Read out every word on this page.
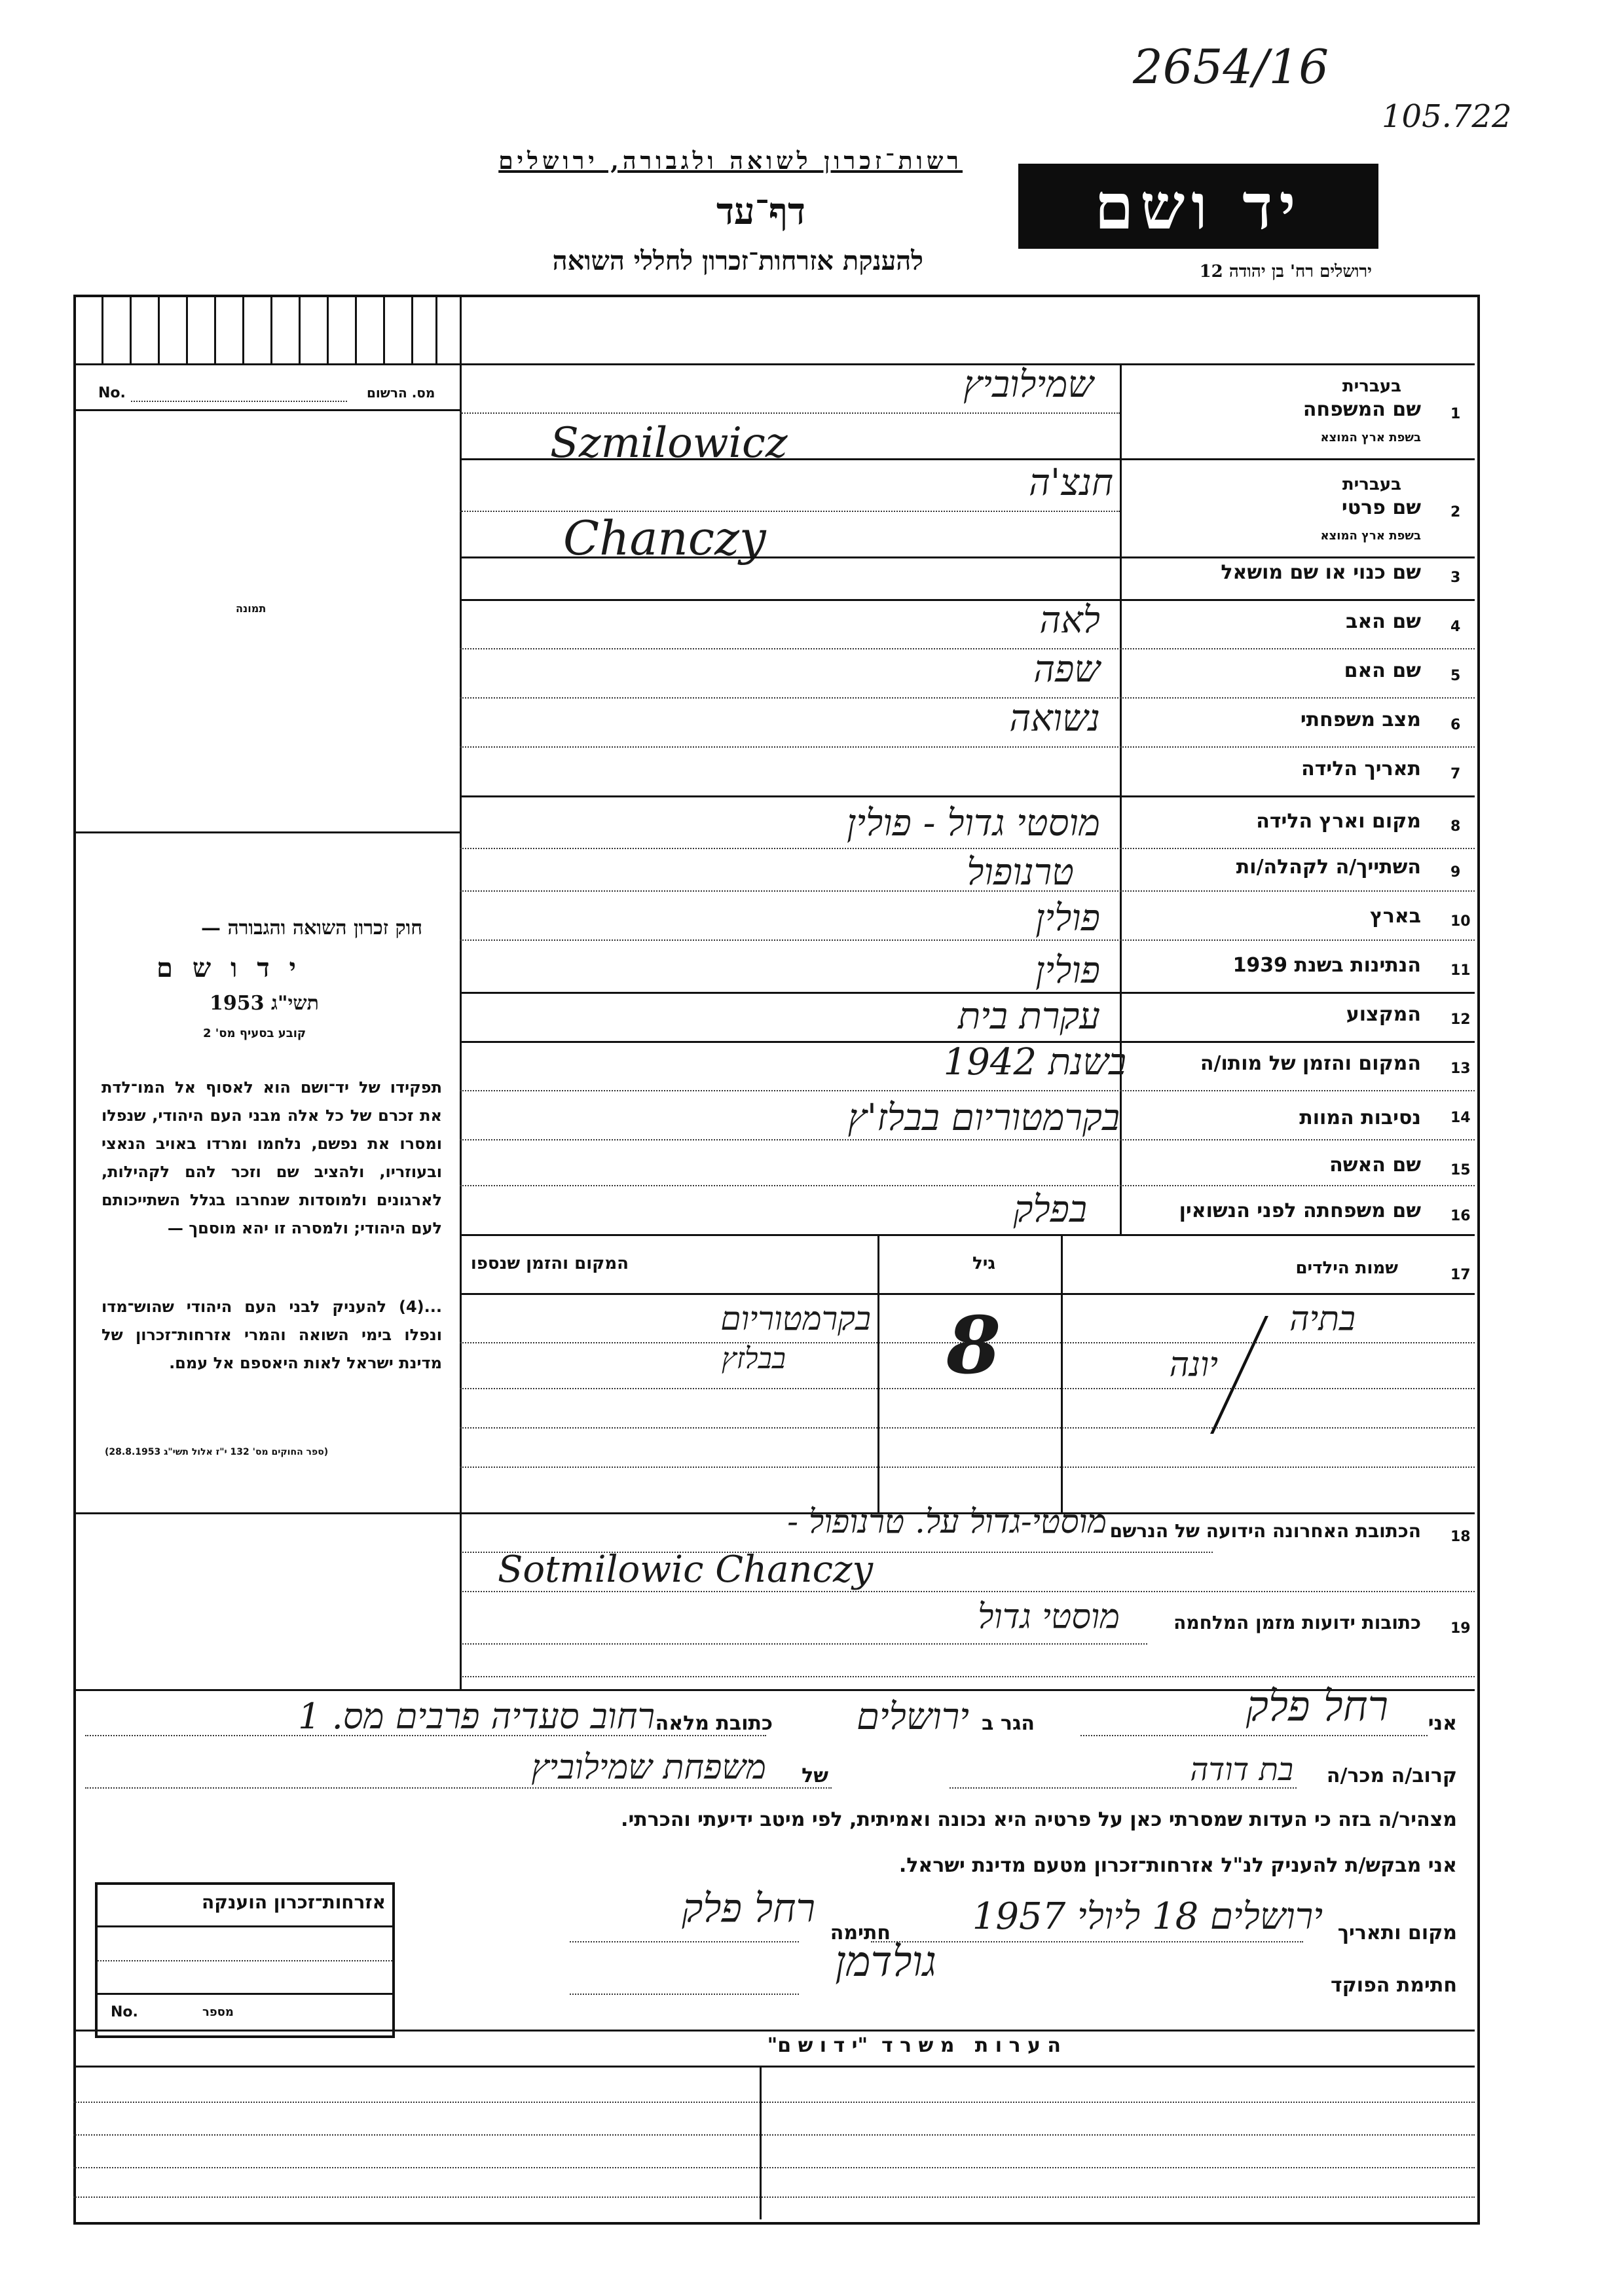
2654/16
105.722
רשות־זכרון לשואה ולגבורה, ירושלים
דף־עד
להענקת אזרחות־זכרון לחללי השואה
יד ושם
ירושלים רח' בן יהודה 12
No.	מס. הרשום
תמונה
חוק זכרון השואה והגבורה —
י ד ו ש ם
תשי"ג 1953
קובע בסעיף מס' 2
תפקידו של יד־ושם הוא לאסוף אל המו־לדת את זכרם של כל אלה מבני העם היהודי, שנפלו ומסרו את נפשם, נלחמו ומרדו באויב הנאצי ובעוזריו, ולהציב שם וזכר להם לקהילות, לארגונים ולמוסדות שנחרבו בגלל השתייכותם לעם היהודי; ולמסרה זו יהא מוסםך —
...(4) להעניק לבני העם היהודי שהוש־מדו ונפלו בימי השואה והמרי אזרחות־זכרון של מדינת ישראל לאות היאספם אל עמם.
(ספר החוקים מס' 132 י"ז אלול תשי"ג 28.8.1953)
1
שם המשפחה
בעברית
בשפת ארץ המוצא
שמילוביץ
Szmilowicz
2
שם פרטי
בעברית
בשפת ארץ המוצא
חנצ'ה
Chanczy
3
שם כנוי או שם מושאל
4
שם האב
לאה
5
שם האם
שפה
6
מצב משפחתי
נשואה
7
תאריך הלידה
8
מקום וארץ הלידה
מוסטי גדול - פולין
9
השתייך/ה לקהלה/ות
טרנופול
10
בארץ
פולין
11
הנתינות בשנת 1939
פולין
12
המקצוע
עקרת בית
13
המקום והזמן של מותו/ה
בשנת 1942
14
נסיבות המוות
בקרמטוריום בבלז'ץ
15
שם האשה
16
שם משפחתה לפני הנשואין
בפלק
17
שמות הילדים
גיל
המקום והזמן שנספו
בתיה
יונה
8
בקרמטוריום
בבלזץ
18
הכתובת האחרונה הידועה של הנרשם
מוסטי-גדול על. טרנופול -
Sotmilowic Chanczy
19
כתובות ידועות מזמן המלחמה
מוסטי גדול
אני
רחל פלק
הגר ב
ירושלים
כתובת מלאה
רחוב סעדיה פרבים מס. 1
קרוב/ה מכר/ה
בת דודה
של
משפחת שמילוביץ
מצהיר/ה בזה כי העדות שמסרתי כאן על פרטיה היא נכונה ואמיתית, לפי מיטב ידיעתי והכרתי.
אני מבקש/ת להעניק לנ"ל אזרחות־זכרון מטעם מדינת ישראל.
מקום ותאריך
ירושלים 18 ליולי 1957
חתימה
רחל פלק
חתימת הפוקד
גולדמן
אזרחות־זכרון הוענקה
No.	מספר
ה ע ר ו ת   מ ש ר ד  "י ד ו ש ם"
